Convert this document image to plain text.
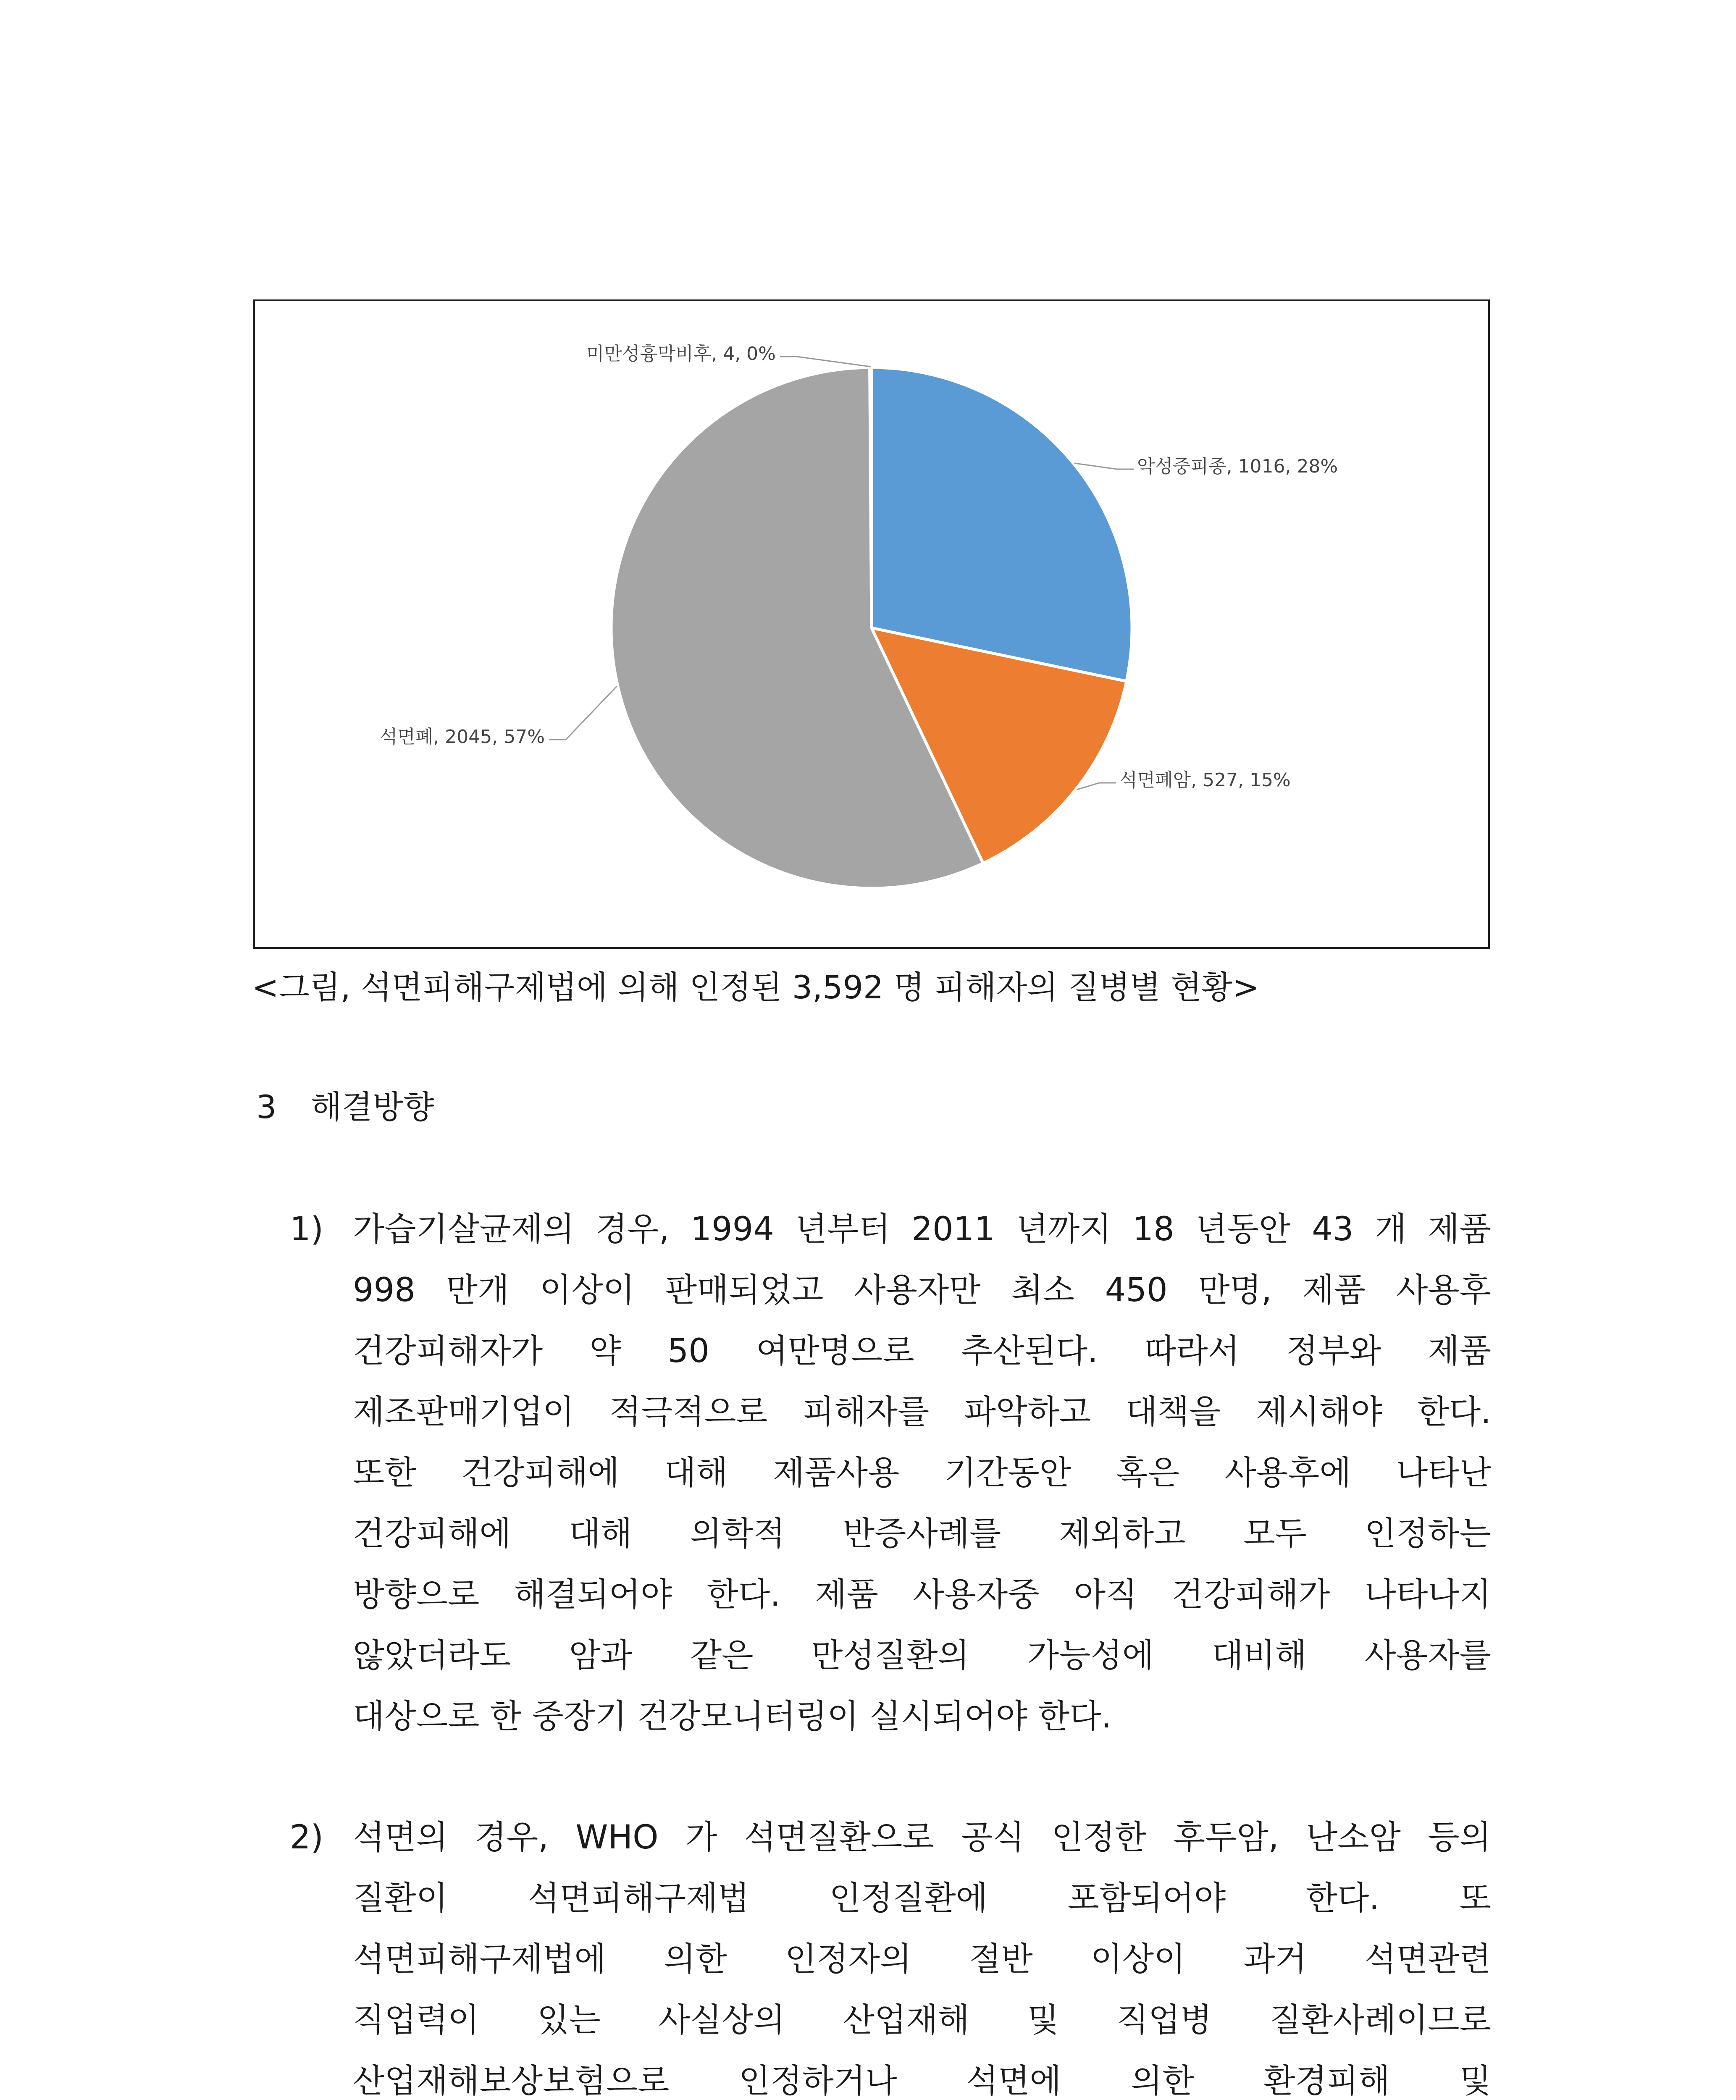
악성중피종, 1016, 28%
석면폐암, 527, 15%
석면폐, 2045, 57%
미만성흉막비후, 4, 0%
<그림, 석면피해구제법에 의해 인정된 3,592 명 피해자의 질병별 현황>
3 해결방향
1) 가습기살균제의 경우, 1994 년부터 2011 년까지 18 년동안 43 개 제품
998 만개 이상이 판매되었고 사용자만 최소 450 만명, 제품 사용후
건강피해자가 약 50 여만명으로 추산된다. 따라서 정부와 제품
제조판매기업이 적극적으로 피해자를 파악하고 대책을 제시해야 한다.
또한 건강피해에 대해 제품사용 기간동안 혹은 사용후에 나타난
건강피해에 대해 의학적 반증사례를 제외하고 모두 인정하는
방향으로 해결되어야 한다. 제품 사용자중 아직 건강피해가 나타나지
않았더라도 암과 같은 만성질환의 가능성에 대비해 사용자를
대상으로 한 중장기 건강모니터링이 실시되어야 한다.
2) 석면의 경우, WHO 가 석면질환으로 공식 인정한 후두암, 난소암 등의
질환이 석면피해구제법 인정질환에 포함되어야 한다. 또
석면피해구제법에 의한 인정자의 절반 이상이 과거 석면관련
직업력이 있는 사실상의 산업재해 및 직업병 질환사례이므로
산업재해보상보험으로 인정하거나 석면에 의한 환경피해 및
